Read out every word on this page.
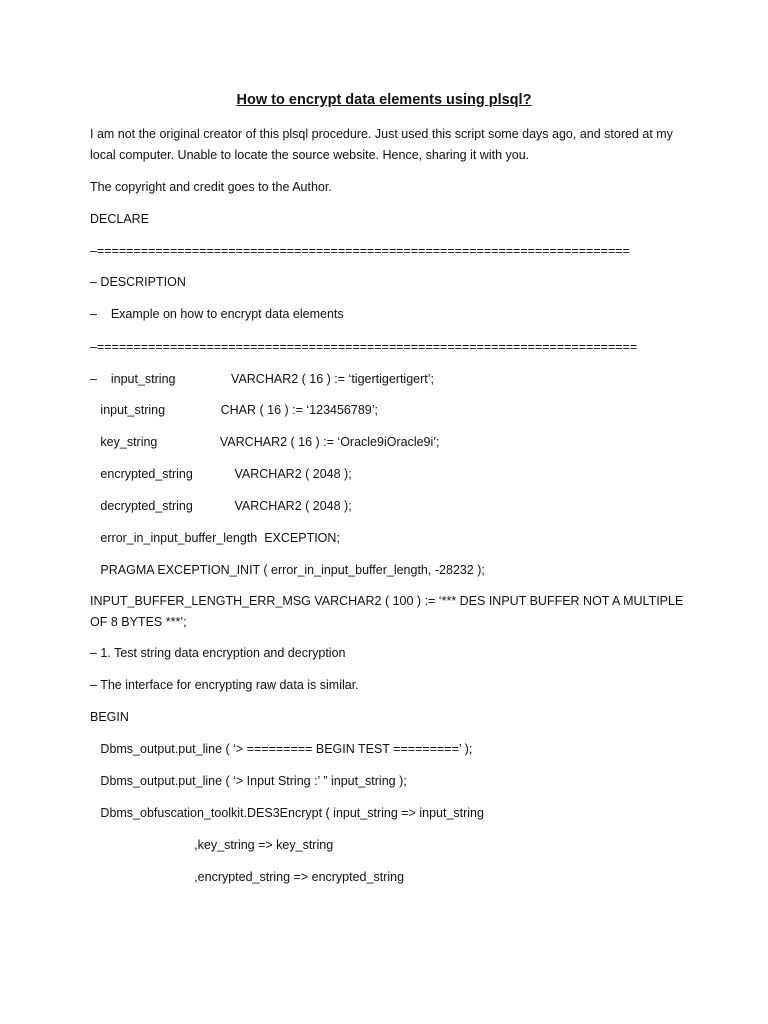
How to encrypt data elements using plsql?
I am not the original creator of this plsql procedure. Just used this script some days ago, and stored at my local computer. Unable to locate the source website. Hence, sharing it with you.
The copyright and credit goes to the Author.
DECLARE
–=========================================================================
– DESCRIPTION
–    Example on how to encrypt data elements
–==========================================================================
–    input_string                VARCHAR2 ( 16 ) := ‘tigertigertigert’;
input_string                CHAR ( 16 ) := ‘123456789’;
key_string                  VARCHAR2 ( 16 ) := ‘Oracle9iOracle9i’;
encrypted_string            VARCHAR2 ( 2048 );
decrypted_string            VARCHAR2 ( 2048 );
error_in_input_buffer_length  EXCEPTION;
PRAGMA EXCEPTION_INIT ( error_in_input_buffer_length, -28232 );
INPUT_BUFFER_LENGTH_ERR_MSG VARCHAR2 ( 100 ) := ‘*** DES INPUT BUFFER NOT A MULTIPLE OF 8 BYTES ***’;
– 1. Test string data encryption and decryption
– The interface for encrypting raw data is similar.
BEGIN
Dbms_output.put_line ( ‘> ========= BEGIN TEST =========’ );
Dbms_output.put_line ( ‘> Input String :’ ” input_string );
Dbms_obfuscation_toolkit.DES3Encrypt ( input_string => input_string
,key_string => key_string
,encrypted_string => encrypted_string
